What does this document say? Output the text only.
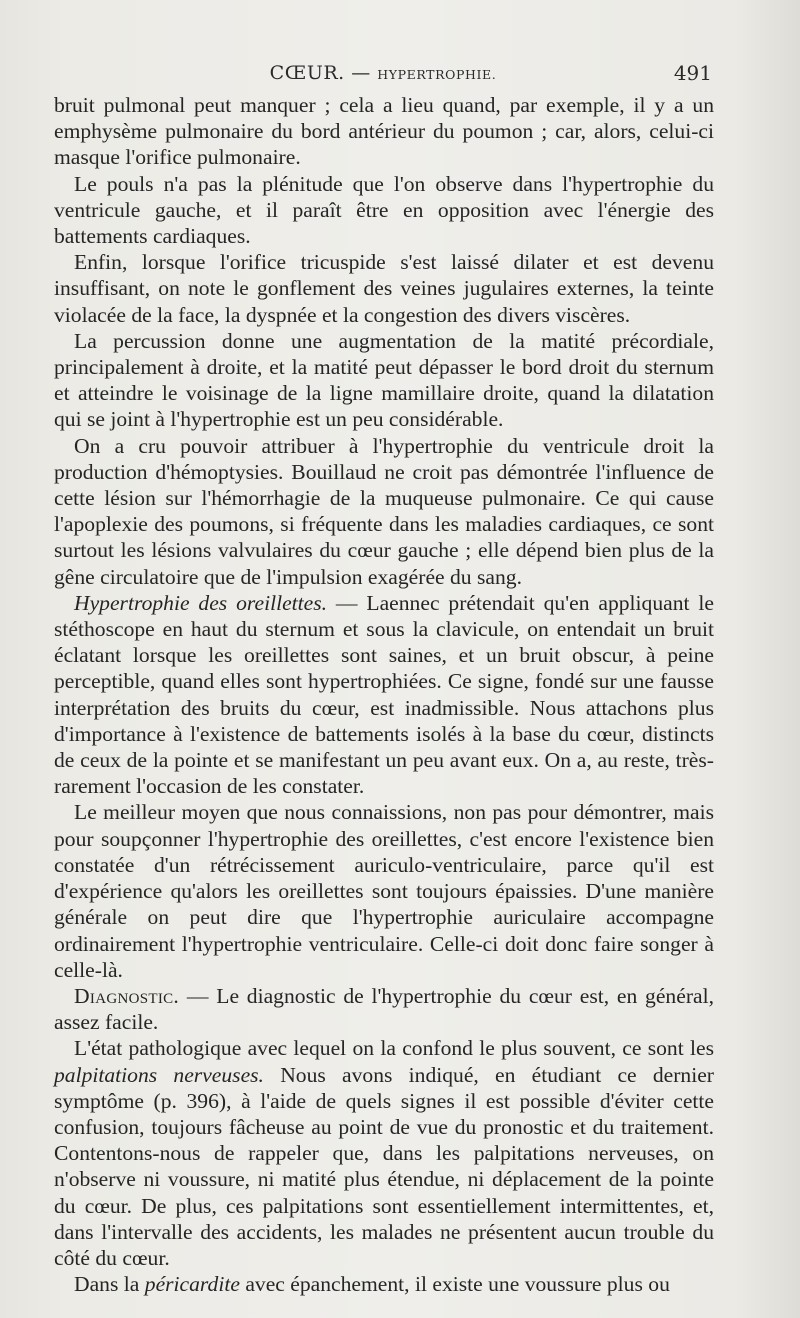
CŒUR. — HYPERTROPHIE.	491

bruit pulmonal peut manquer ; cela a lieu quand, par exemple, il y a un emphysème pulmonaire du bord antérieur du poumon ; car, alors, celui-ci masque l'orifice pulmonaire.

Le pouls n'a pas la plénitude que l'on observe dans l'hypertrophie du ventricule gauche, et il paraît être en opposition avec l'énergie des battements cardiaques.

Enfin, lorsque l'orifice tricuspide s'est laissé dilater et est devenu insuffisant, on note le gonflement des veines jugulaires externes, la teinte violacée de la face, la dyspnée et la congestion des divers viscères.

La percussion donne une augmentation de la matité précordiale, principalement à droite, et la matité peut dépasser le bord droit du sternum et atteindre le voisinage de la ligne mamillaire droite, quand la dilatation qui se joint à l'hypertrophie est un peu considérable.

On a cru pouvoir attribuer à l'hypertrophie du ventricule droit la production d'hémoptysies. Bouillaud ne croit pas démontrée l'influence de cette lésion sur l'hémorrhagie de la muqueuse pulmonaire. Ce qui cause l'apoplexie des poumons, si fréquente dans les maladies cardiaques, ce sont surtout les lésions valvulaires du cœur gauche ; elle dépend bien plus de la gêne circulatoire que de l'impulsion exagérée du sang.

Hypertrophie des oreillettes. — Laennec prétendait qu'en appliquant le stéthoscope en haut du sternum et sous la clavicule, on entendait un bruit éclatant lorsque les oreillettes sont saines, et un bruit obscur, à peine perceptible, quand elles sont hypertrophiées. Ce signe, fondé sur une fausse interprétation des bruits du cœur, est inadmissible. Nous attachons plus d'importance à l'existence de battements isolés à la base du cœur, distincts de ceux de la pointe et se manifestant un peu avant eux. On a, au reste, très-rarement l'occasion de les constater.

Le meilleur moyen que nous connaissions, non pas pour démontrer, mais pour soupçonner l'hypertrophie des oreillettes, c'est encore l'existence bien constatée d'un rétrécissement auriculo-ventriculaire, parce qu'il est d'expérience qu'alors les oreillettes sont toujours épaissies. D'une manière générale on peut dire que l'hypertrophie auriculaire accompagne ordinairement l'hypertrophie ventriculaire. Celle-ci doit donc faire songer à celle-là.

Diagnostic. — Le diagnostic de l'hypertrophie du cœur est, en général, assez facile.

L'état pathologique avec lequel on la confond le plus souvent, ce sont les palpitations nerveuses. Nous avons indiqué, en étudiant ce dernier symptôme (p. 396), à l'aide de quels signes il est possible d'éviter cette confusion, toujours fâcheuse au point de vue du pronostic et du traitement. Contentons-nous de rappeler que, dans les palpitations nerveuses, on n'observe ni voussure, ni matité plus étendue, ni déplacement de la pointe du cœur. De plus, ces palpitations sont essentiellement intermittentes, et, dans l'intervalle des accidents, les malades ne présentent aucun trouble du côté du cœur.

Dans la péricardite avec épanchement, il existe une voussure plus ou
